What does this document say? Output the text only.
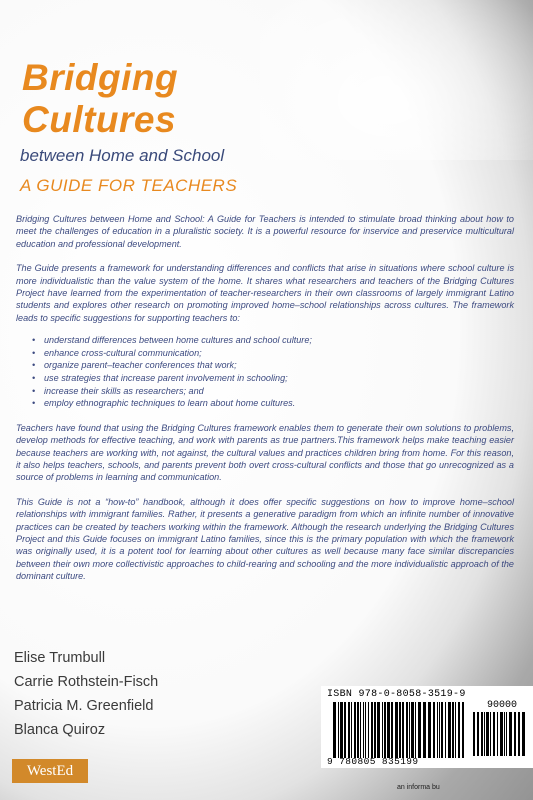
Bridging
Cultures
between Home and School
A GUIDE FOR TEACHERS

Bridging Cultures between Home and School: A Guide for Teachers is intended to stimulate broad thinking about how to meet the challenges of education in a pluralistic society. It is a powerful resource for inservice and preservice multicultural education and professional development.

The Guide presents a framework for understanding differences and conflicts that arise in situations where school culture is more individualistic than the value system of the home. It shares what researchers and teachers of the Bridging Cultures Project have learned from the experimentation of teacher-researchers in their own classrooms of largely immigrant Latino students and explores other research on promoting improved home–school relationships across cultures. The framework leads to specific suggestions for supporting teachers to:

• understand differences between home cultures and school culture;
• enhance cross-cultural communication;
• organize parent–teacher conferences that work;
• use strategies that increase parent involvement in schooling;
• increase their skills as researchers; and
• employ ethnographic techniques to learn about home cultures.

Teachers have found that using the Bridging Cultures framework enables them to generate their own solutions to problems, develop methods for effective teaching, and work with parents as true partners.This framework helps make teaching easier because teachers are working with, not against, the cultural values and practices children bring from home. For this reason, it also helps teachers, schools, and parents prevent both overt cross-cultural conflicts and those that go unrecognized as a source of problems in learning and communication.

This Guide is not a “how-to” handbook, although it does offer specific suggestions on how to improve home–school relationships with immigrant families. Rather, it presents a generative paradigm from which an infinite number of innovative practices can be created by teachers working within the framework. Although the research underlying the Bridging Cultures Project and this Guide focuses on immigrant Latino families, since this is the primary population with which the framework was originally used, it is a potent tool for learning about other cultures as well because many face similar discrepancies between their own more collectivistic approaches to child-rearing and schooling and the more individualistic approach of the dominant culture.

Elise Trumbull
Carrie Rothstein-Fisch
Patricia M. Greenfield
Blanca Quiroz
WestEd
ISBN 978-0-8058-3519-9
90000
9 780805 835199
an informa bu
